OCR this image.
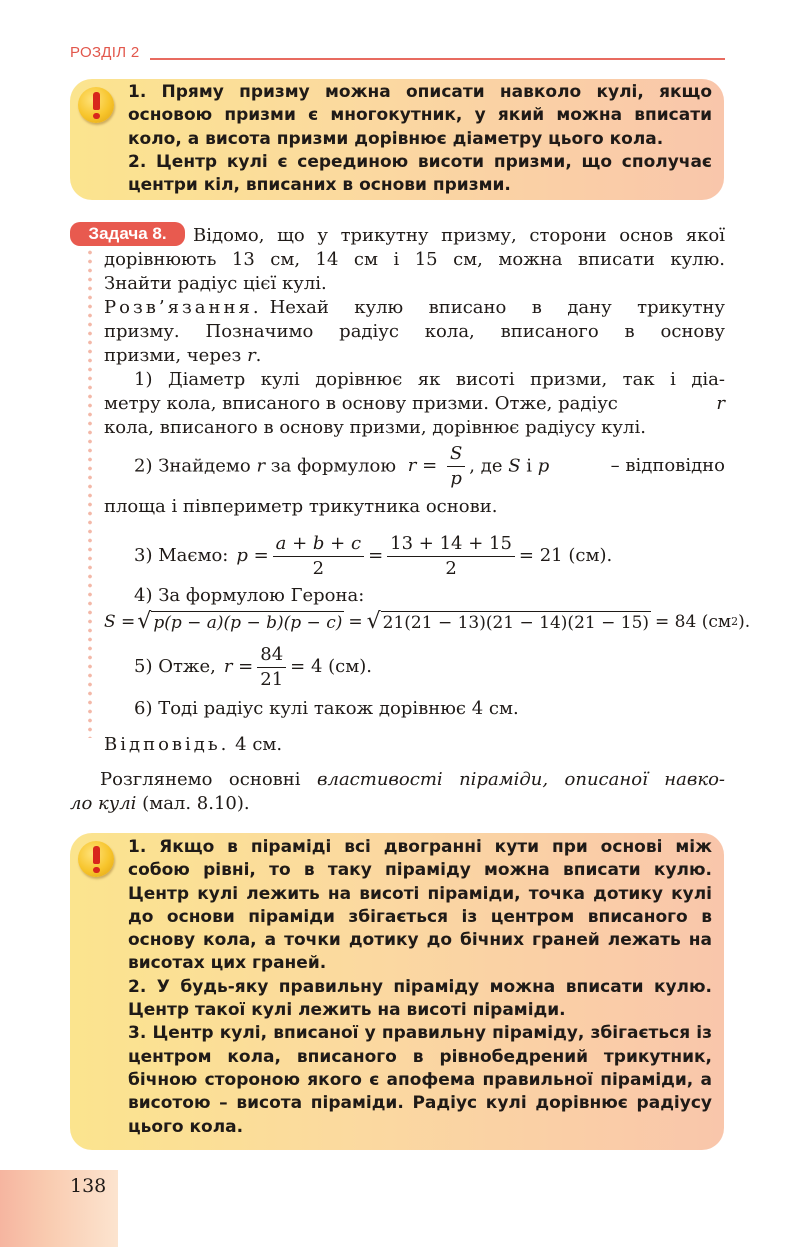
РОЗДІЛ 2

1. Пряму призму можна описати навколо кулі, якщо основою призми є многокутник, у який можна вписати коло, а висота призми дорівнює діаметру цього кола.

2. Центр кулі є серединою висоти призми, що сполучає центри кіл, вписаних в основи призми.

Задача 8.	Відомо, що у трикутну призму, сторони основ якої
дорівнюють 13 см, 14 см і 15 см, можна вписати кулю.
Знайти радіус цієї кулі.
Розв’язання. Нехай кулю вписано в дану трикутну
призму. Позначимо радіус кола, вписаного в основу
призми, через r.
1) Діаметр кулі дорівнює як висоті призми, так і діа-
метру кола, вписаного в основу призми. Отже, радіус	r
кола, вписаного в основу призми, дорівнює радіусу кулі.
2) Знайдемо r за формулою $r = \frac{S}{p}$ , де S і p	– відповідно
площа і півпериметр трикутника основи.
3) Маємо: $p = \frac{a + b + c}{2} = \frac{13 + 14 + 15}{2} = 21$ (см).
4) За формулою Герона:
S = √ p(p − a)(p − b)(p − c) = √ 21(21 − 13)(21 − 14)(21 − 15) = 84 (см 2 ).
5) Отже, $r = \frac{84}{21} = 4$ (см).
6) Тоді радіус кулі також дорівнює 4 см.
Відповідь. 4 см.
Розглянемо основні властивості піраміди, описаної навко-
ло кулі (мал. 8.10).

1. Якщо в піраміді всі двогранні кути при основі між собою рівні, то в таку піраміду можна вписати кулю. Центр кулі лежить на висоті піраміди, точка дотику кулі до основи піраміди збігається із центром вписаного в основу кола, а точки дотику до бічних граней лежать на висотах цих граней.

2. У будь-яку правильну піраміду можна вписати кулю. Центр такої кулі лежить на висоті піраміди.

3. Центр кулі, вписаної у правильну піраміду, збігається із центром кола, вписаного в рівнобедрений трикутник, бічною стороною якого є апофема правильної піраміди, а висотою – висота піраміди. Радіус кулі дорівнює радіусу цього кола.

138
